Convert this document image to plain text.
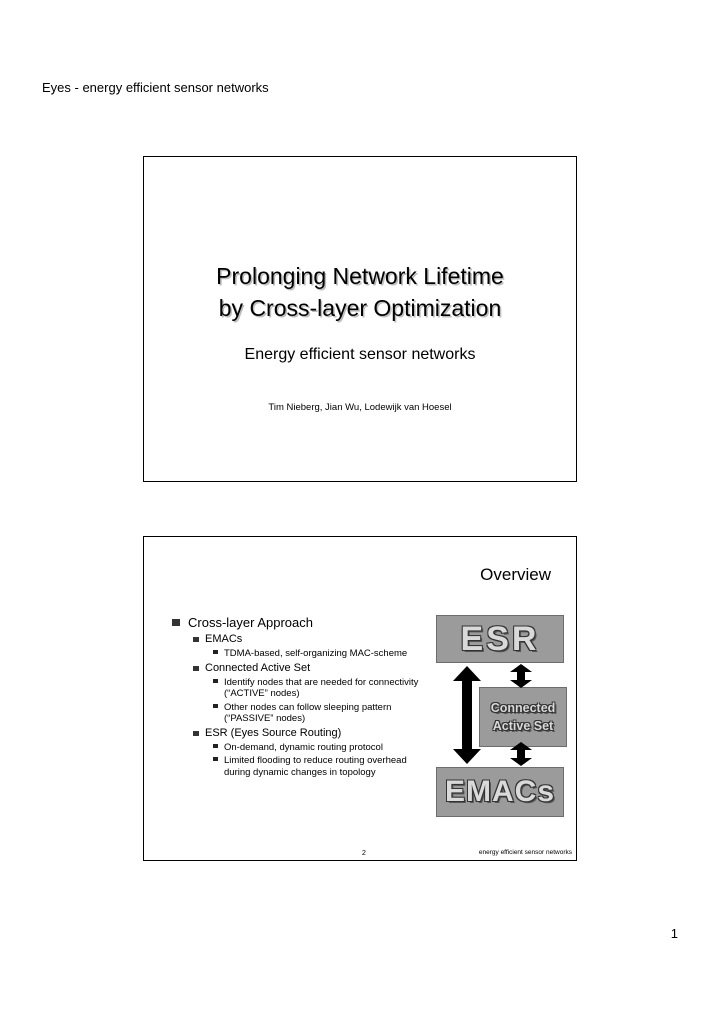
Eyes - energy efficient sensor networks
Prolonging Network Lifetime
by Cross-layer Optimization
Energy efficient sensor networks
Tim Nieberg, Jian Wu, Lodewijk van Hoesel
Overview
Cross-layer Approach
EMACs
TDMA-based, self-organizing MAC-scheme
Connected Active Set
Identify nodes that are needed for connectivity (“ACTIVE” nodes)
Other nodes can follow sleeping pattern (“PASSIVE” nodes)
ESR (Eyes Source Routing)
On-demand, dynamic routing protocol
Limited flooding to reduce routing overhead during dynamic changes in topology
ESR
Connected
Active Set
EMACs
2	energy efficient sensor networks
1
